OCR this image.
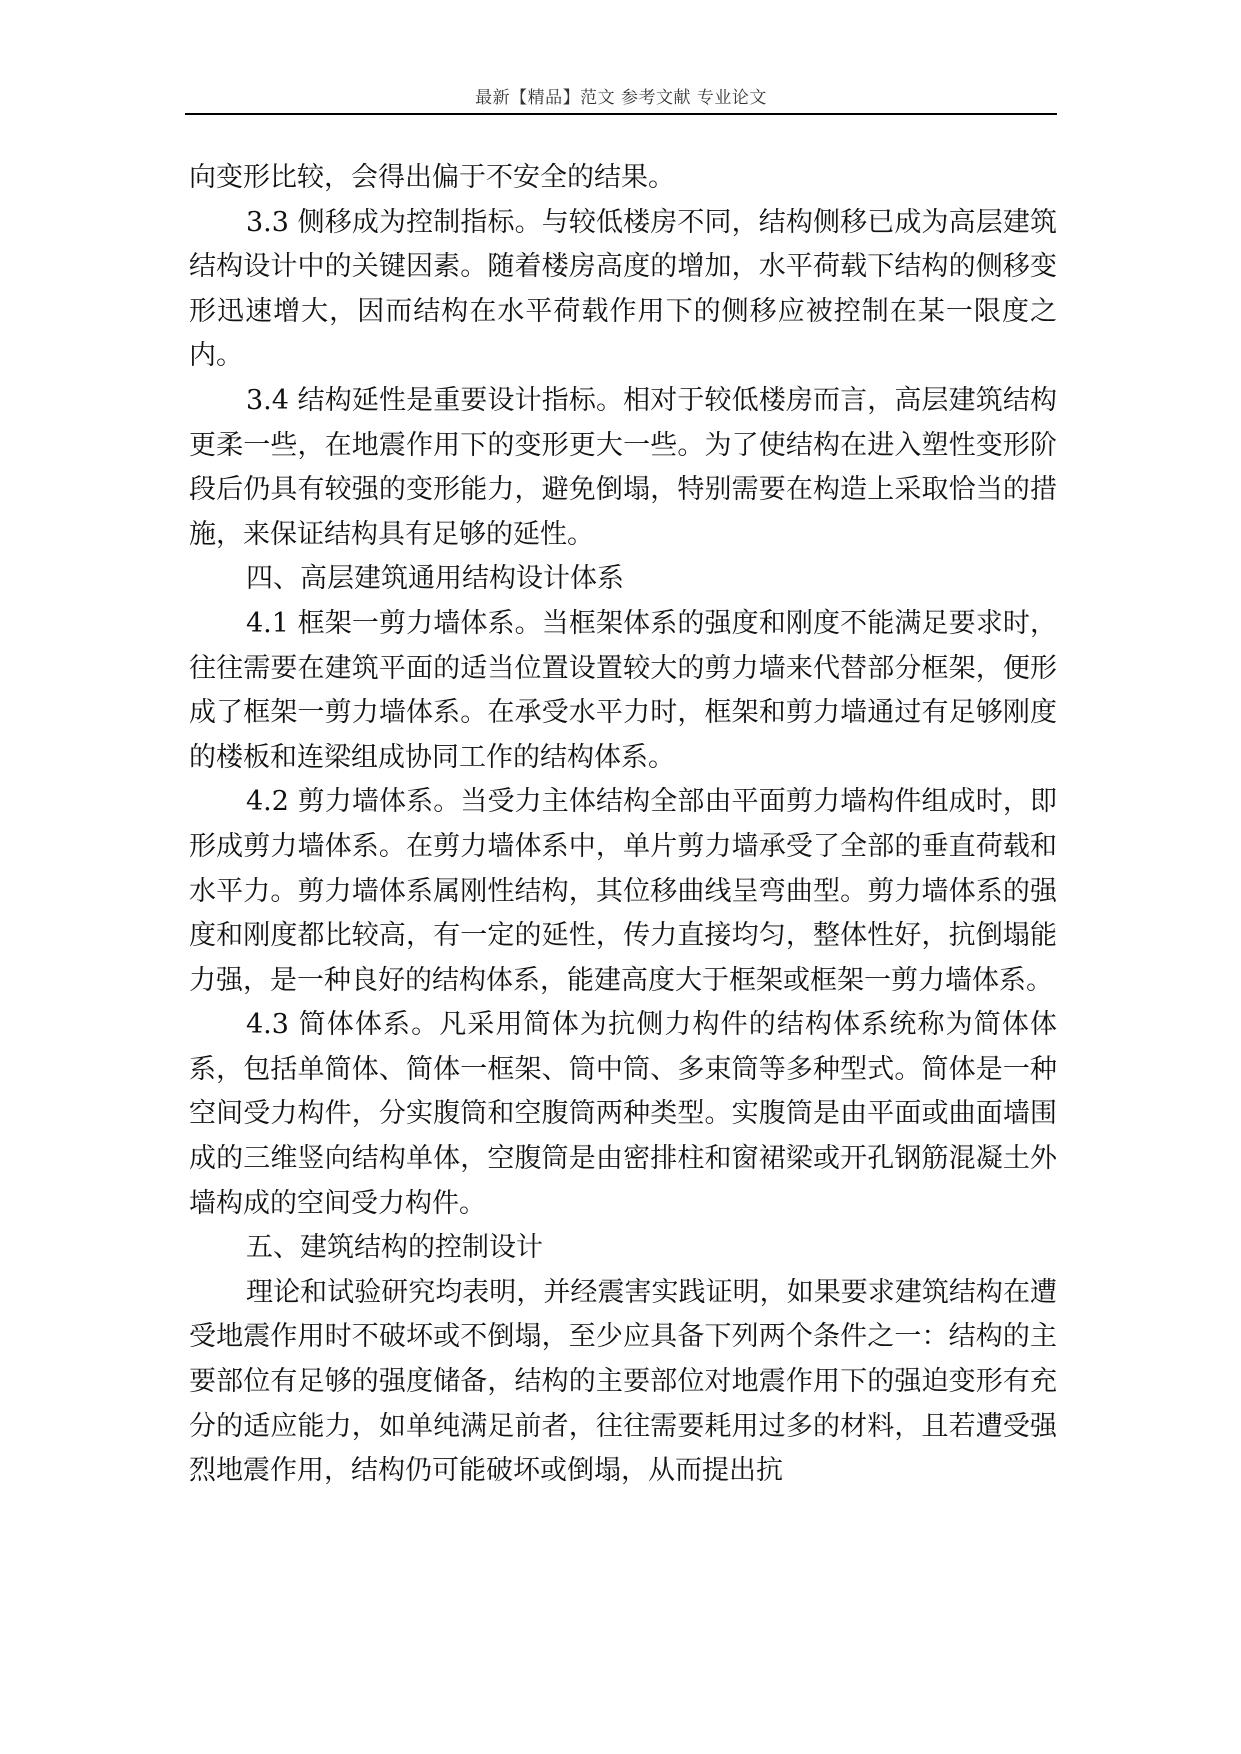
最新【精品】范文 参考文献 专业论文

向变形比较，会得出偏于不安全的结果。

3.3 侧移成为控制指标。与较低楼房不同，结构侧移已成为高层建筑结构设计中的关键因素。随着楼房高度的增加，水平荷载下结构的侧移变形迅速增大，因而结构在水平荷载作用下的侧移应被控制在某一限度之内。

3.4 结构延性是重要设计指标。相对于较低楼房而言，高层建筑结构更柔一些，在地震作用下的变形更大一些。为了使结构在进入塑性变形阶段后仍具有较强的变形能力，避免倒塌，特别需要在构造上采取恰当的措施，来保证结构具有足够的延性。

四、高层建筑通用结构设计体系

4.1 框架一剪力墙体系。当框架体系的强度和刚度不能满足要求时，往往需要在建筑平面的适当位置设置较大的剪力墙来代替部分框架，便形成了框架一剪力墙体系。在承受水平力时，框架和剪力墙通过有足够刚度的楼板和连梁组成协同工作的结构体系。

4.2 剪力墙体系。当受力主体结构全部由平面剪力墙构件组成时，即形成剪力墙体系。在剪力墙体系中，单片剪力墙承受了全部的垂直荷载和水平力。剪力墙体系属刚性结构，其位移曲线呈弯曲型。剪力墙体系的强度和刚度都比较高，有一定的延性，传力直接均匀，整体性好，抗倒塌能力强，是一种良好的结构体系，能建高度大于框架或框架一剪力墙体系。

4.3 简体体系。凡采用简体为抗侧力构件的结构体系统称为简体体系，包括单简体、简体一框架、筒中筒、多束筒等多种型式。简体是一种空间受力构件，分实腹筒和空腹筒两种类型。实腹筒是由平面或曲面墙围成的三维竖向结构单体，空腹筒是由密排柱和窗裙梁或开孔钢筋混凝土外墙构成的空间受力构件。

五、建筑结构的控制设计

理论和试验研究均表明，并经震害实践证明，如果要求建筑结构在遭受地震作用时不破坏或不倒塌，至少应具备下列两个条件之一：结构的主要部位有足够的强度储备，结构的主要部位对地震作用下的强迫变形有充分的适应能力，如单纯满足前者，往往需要耗用过多的材料，且若遭受强烈地震作用，结构仍可能破坏或倒塌，从而提出抗
